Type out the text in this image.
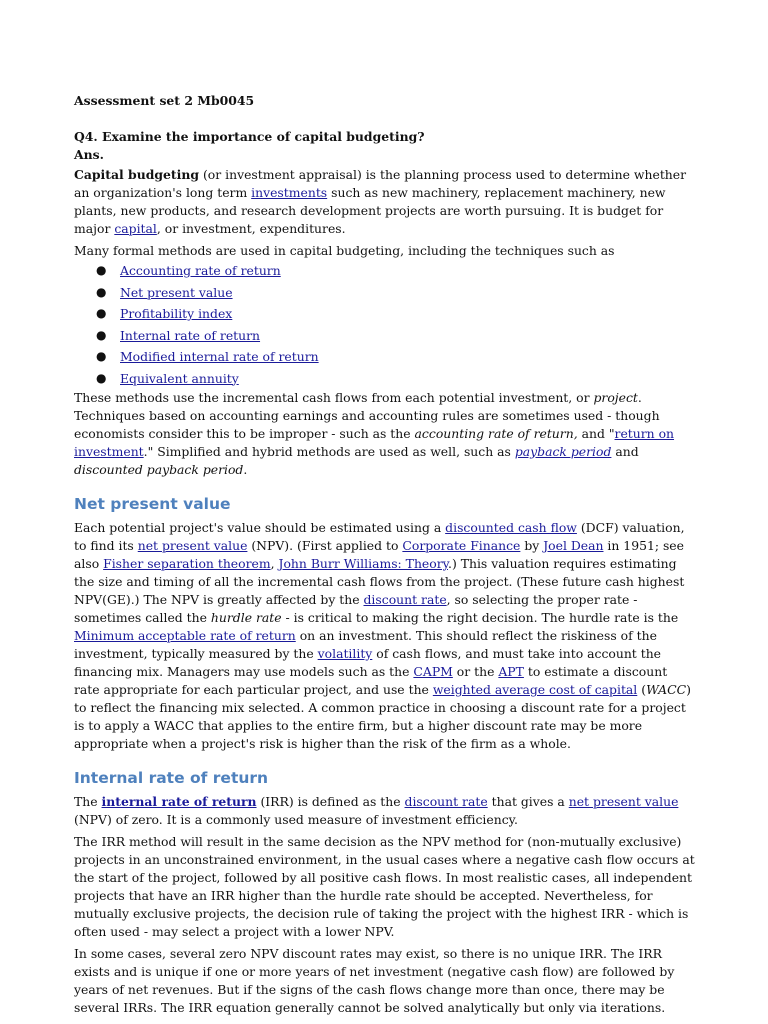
Assessment set 2 Mb0045

Q4. Examine the importance of capital budgeting?

Ans.

Capital budgeting (or investment appraisal) is the planning process used to determine whether an organization's long term investments such as new machinery, replacement machinery, new plants, new products, and research development projects are worth pursuing. It is budget for major capital, or investment, expenditures.

Many formal methods are used in capital budgeting, including the techniques such as

● Accounting rate of return
● Net present value
● Profitability index
● Internal rate of return
● Modified internal rate of return
● Equivalent annuity

These methods use the incremental cash flows from each potential investment, or project. Techniques based on accounting earnings and accounting rules are sometimes used - though economists consider this to be improper - such as the accounting rate of return, and "return on investment." Simplified and hybrid methods are used as well, such as payback period and discounted payback period.

Net present value

Each potential project's value should be estimated using a discounted cash flow (DCF) valuation, to find its net present value (NPV). (First applied to Corporate Finance by Joel Dean in 1951; see also Fisher separation theorem, John Burr Williams: Theory.) This valuation requires estimating the size and timing of all the incremental cash flows from the project. (These future cash highest NPV(GE).) The NPV is greatly affected by the discount rate, so selecting the proper rate - sometimes called the hurdle rate - is critical to making the right decision. The hurdle rate is the Minimum acceptable rate of return on an investment. This should reflect the riskiness of the investment, typically measured by the volatility of cash flows, and must take into account the financing mix. Managers may use models such as the CAPM or the APT to estimate a discount rate appropriate for each particular project, and use the weighted average cost of capital (WACC) to reflect the financing mix selected. A common practice in choosing a discount rate for a project is to apply a WACC that applies to the entire firm, but a higher discount rate may be more appropriate when a project's risk is higher than the risk of the firm as a whole.

Internal rate of return

The internal rate of return (IRR) is defined as the discount rate that gives a net present value (NPV) of zero. It is a commonly used measure of investment efficiency.

The IRR method will result in the same decision as the NPV method for (non-mutually exclusive) projects in an unconstrained environment, in the usual cases where a negative cash flow occurs at the start of the project, followed by all positive cash flows. In most realistic cases, all independent projects that have an IRR higher than the hurdle rate should be accepted. Nevertheless, for mutually exclusive projects, the decision rule of taking the project with the highest IRR - which is often used - may select a project with a lower NPV.

In some cases, several zero NPV discount rates may exist, so there is no unique IRR. The IRR exists and is unique if one or more years of net investment (negative cash flow) are followed by years of net revenues. But if the signs of the cash flows change more than once, there may be several IRRs. The IRR equation generally cannot be solved analytically but only via iterations.
